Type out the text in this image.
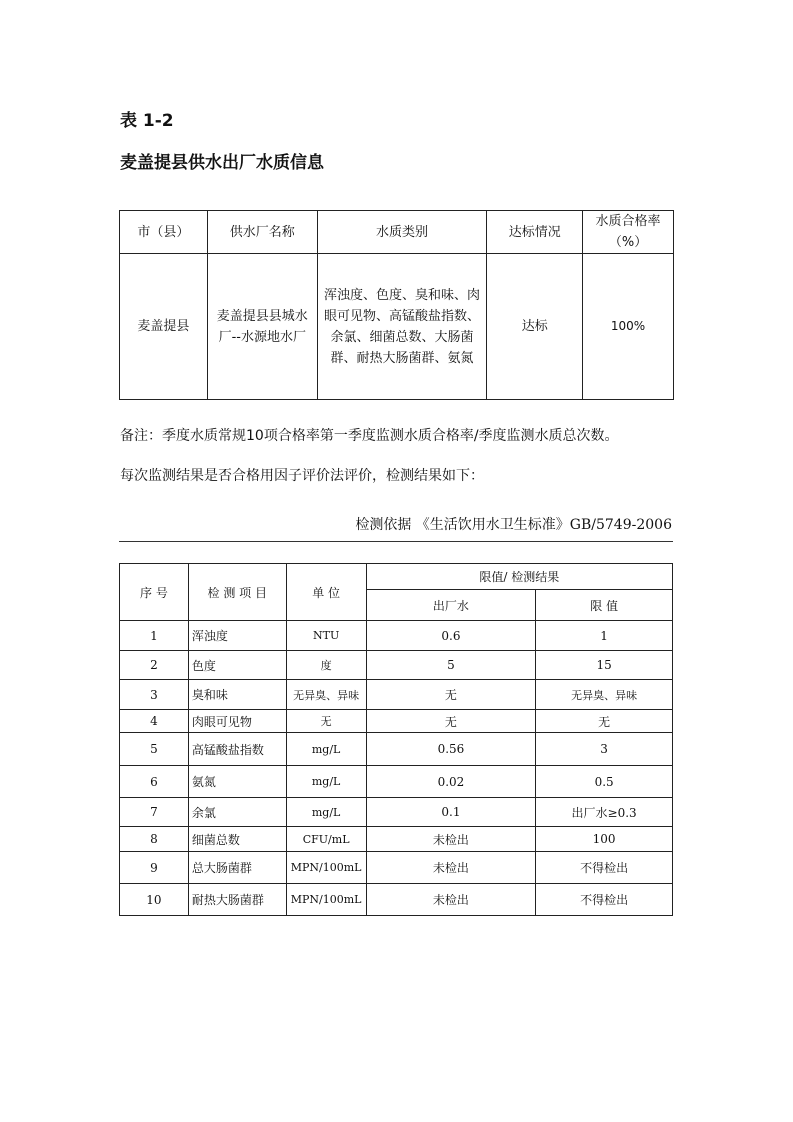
表 1-2
麦盖提县供水出厂水质信息
市（县）	供水厂名称	水质类别	达标情况	水质合格率
（%）

麦盖提县	麦盖提县县城水厂--水源地水厂	浑浊度、色度、臭和味、肉眼可见物、高锰酸盐指数、余氯、细菌总数、大肠菌群、耐热大肠菌群、氨氮	达标	100%
备注：季度水质常规10项合格率第一季度监测水质合格率/季度监测水质总次数。
每次监测结果是否合格用因子评价法评价，检测结果如下：
检测依据 《生活饮用水卫生标准》GB/5749-2006
序 号	检 测 项 目	单 位	限值/ 检测结果	
			出厂水	限 值
1	浑浊度	NTU	0.6	1
2	色度	度	5	15
3	臭和味	无异臭、异味	无	无异臭、异味
4	肉眼可见物	无	无	无
5	高锰酸盐指数	mg/L	0.56	3
6	氨氮	mg/L	0.02	0.5
7	余氯	mg/L	0.1	出厂水≥0.3
8	细菌总数	CFU/mL	未检出	100
9	总大肠菌群	MPN/100mL	未检出	不得检出
10	耐热大肠菌群	MPN/100mL	未检出	不得检出
